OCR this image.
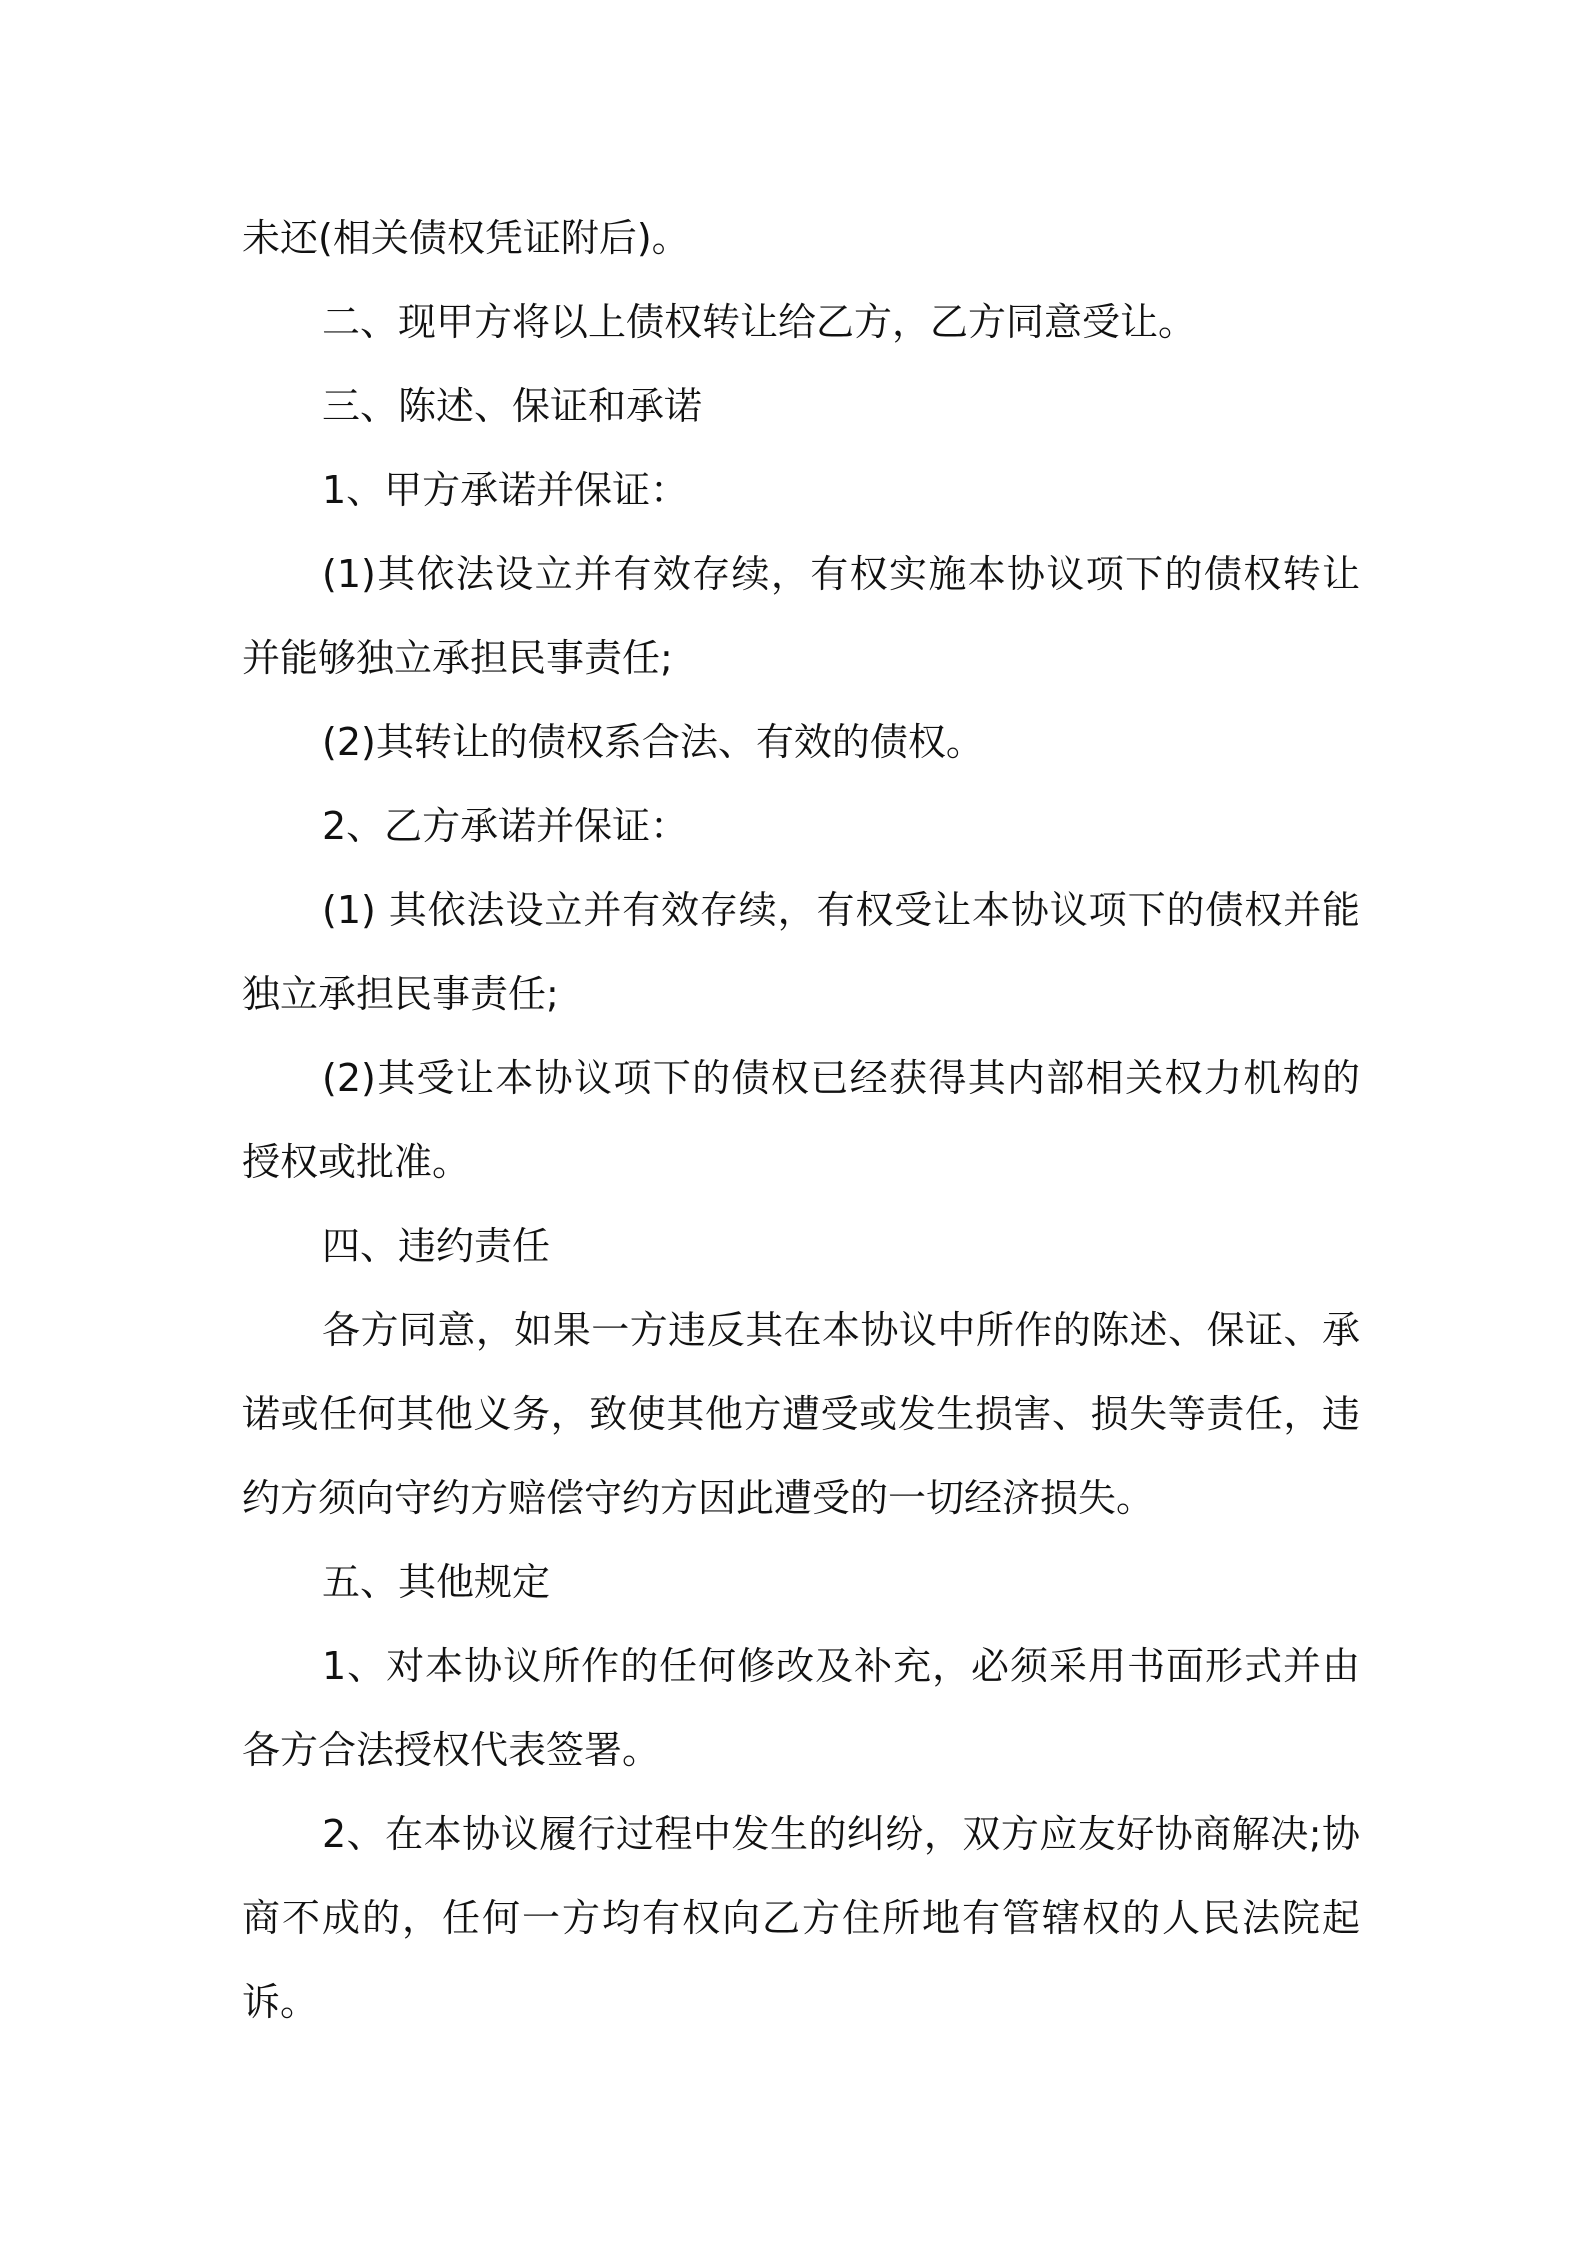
未还(相关债权凭证附后)。

二、现甲方将以上债权转让给乙方，乙方同意受让。

三、陈述、保证和承诺

1、甲方承诺并保证：

(1)其依法设立并有效存续，有权实施本协议项下的债权转让并能够独立承担民事责任;

(2)其转让的债权系合法、有效的债权。

2、乙方承诺并保证：

(1) 其依法设立并有效存续，有权受让本协议项下的债权并能独立承担民事责任;

(2)其受让本协议项下的债权已经获得其内部相关权力机构的授权或批准。

四、违约责任

各方同意，如果一方违反其在本协议中所作的陈述、保证、承诺或任何其他义务，致使其他方遭受或发生损害、损失等责任，违约方须向守约方赔偿守约方因此遭受的一切经济损失。

五、其他规定

1、对本协议所作的任何修改及补充，必须采用书面形式并由各方合法授权代表签署。

2、在本协议履行过程中发生的纠纷，双方应友好协商解决;协商不成的，任何一方均有权向乙方住所地有管辖权的人民法院起诉。
